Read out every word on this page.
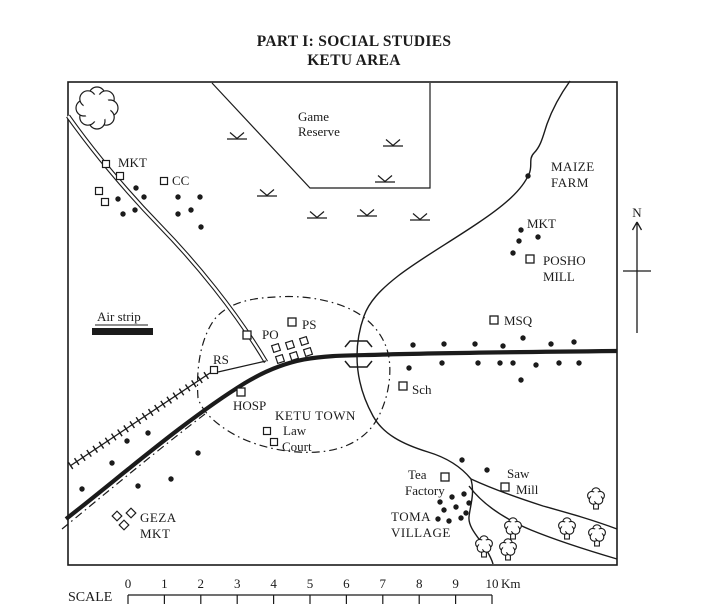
PART I: SOCIAL STUDIES
KETU AREA
Air strip
Game
Reserve
MKT
CC
MAIZE
FARM
MKT
POSHO
MILL
MSQ
PO
PS
RS
HOSP
KETU TOWN
Law
Court
Sch
Tea
Factory
Saw
Mill
TOMA
VILLAGE
GEZA
MKT
N
SCALE
0 1 2 3 4 5 6 7 8 9 10 Km
